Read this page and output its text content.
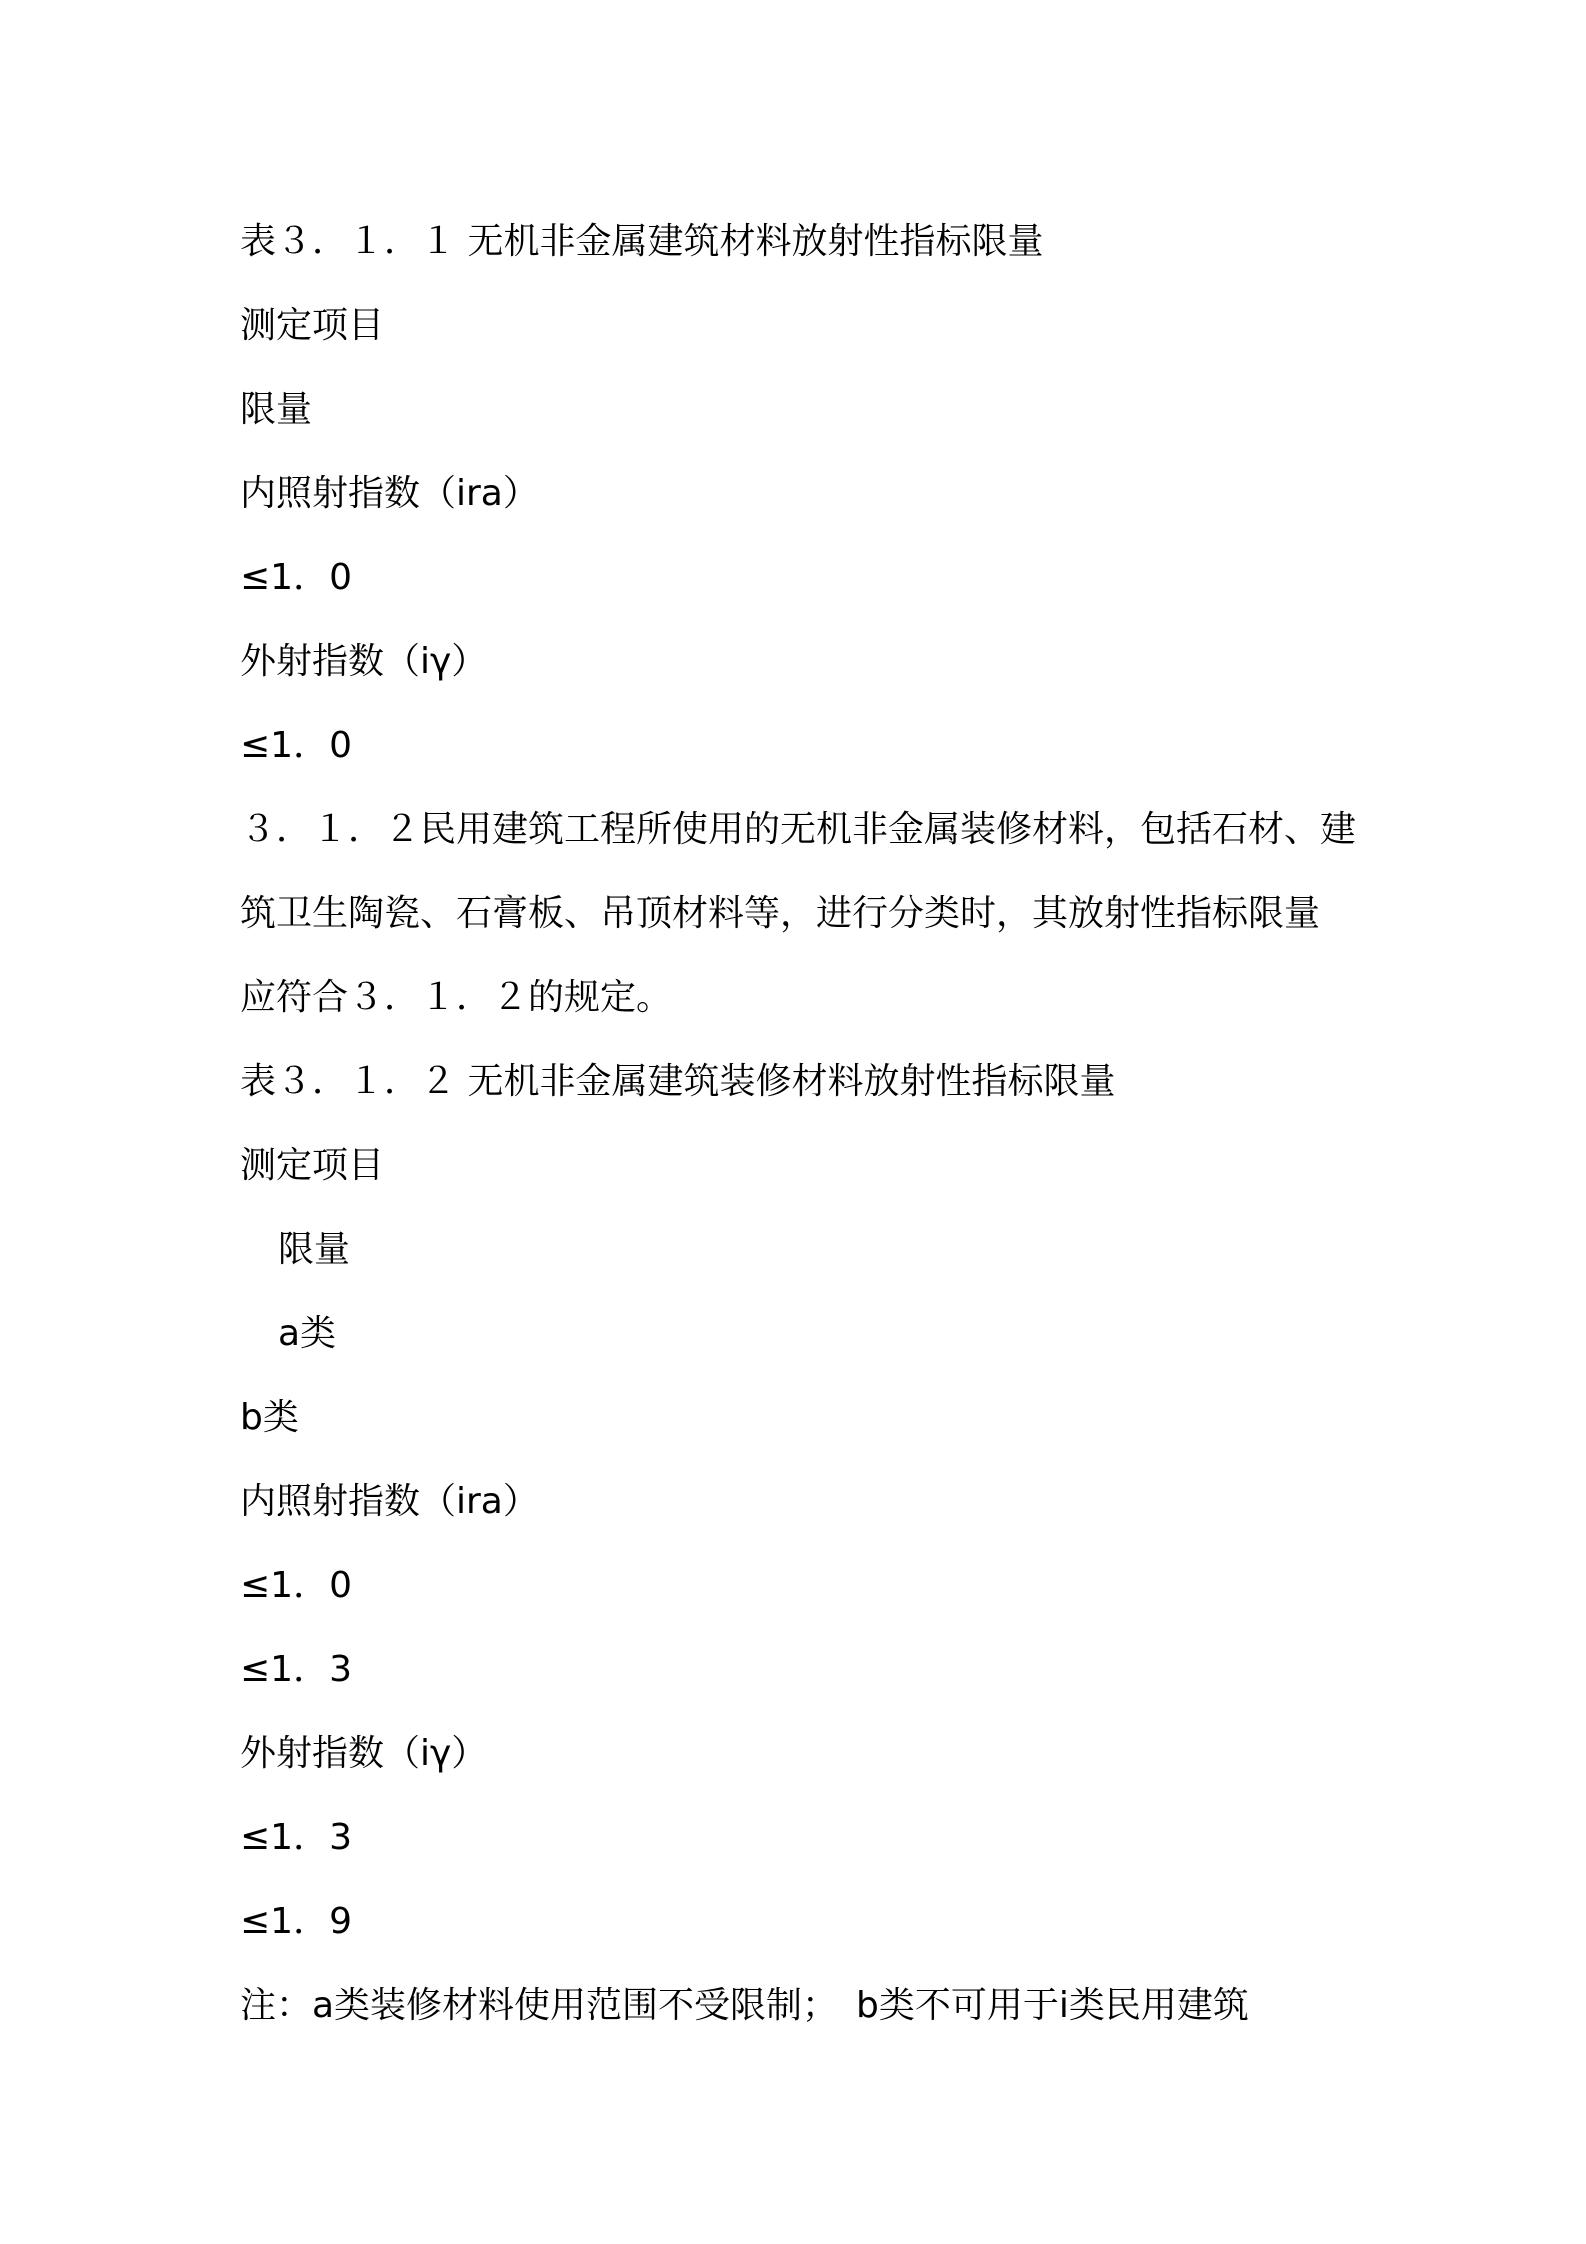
表３．１．１ 无机非金属建筑材料放射性指标限量

测定项目

限量

内照射指数（ira）

≤1．0

外射指数（iγ）

≤1．0

３．１．２民用建筑工程所使用的无机非金属装修材料，包括石材、建

筑卫生陶瓷、石膏板、吊顶材料等，进行分类时，其放射性指标限量

应符合３．１．２的规定。

表３．１．２ 无机非金属建筑装修材料放射性指标限量

测定项目

限量

a类

b类

内照射指数（ira）

≤1．0

≤1．3

外射指数（iγ）

≤1．3

≤1．9

注：a类装修材料使用范围不受限制；　b类不可用于ⅰ类民用建筑
